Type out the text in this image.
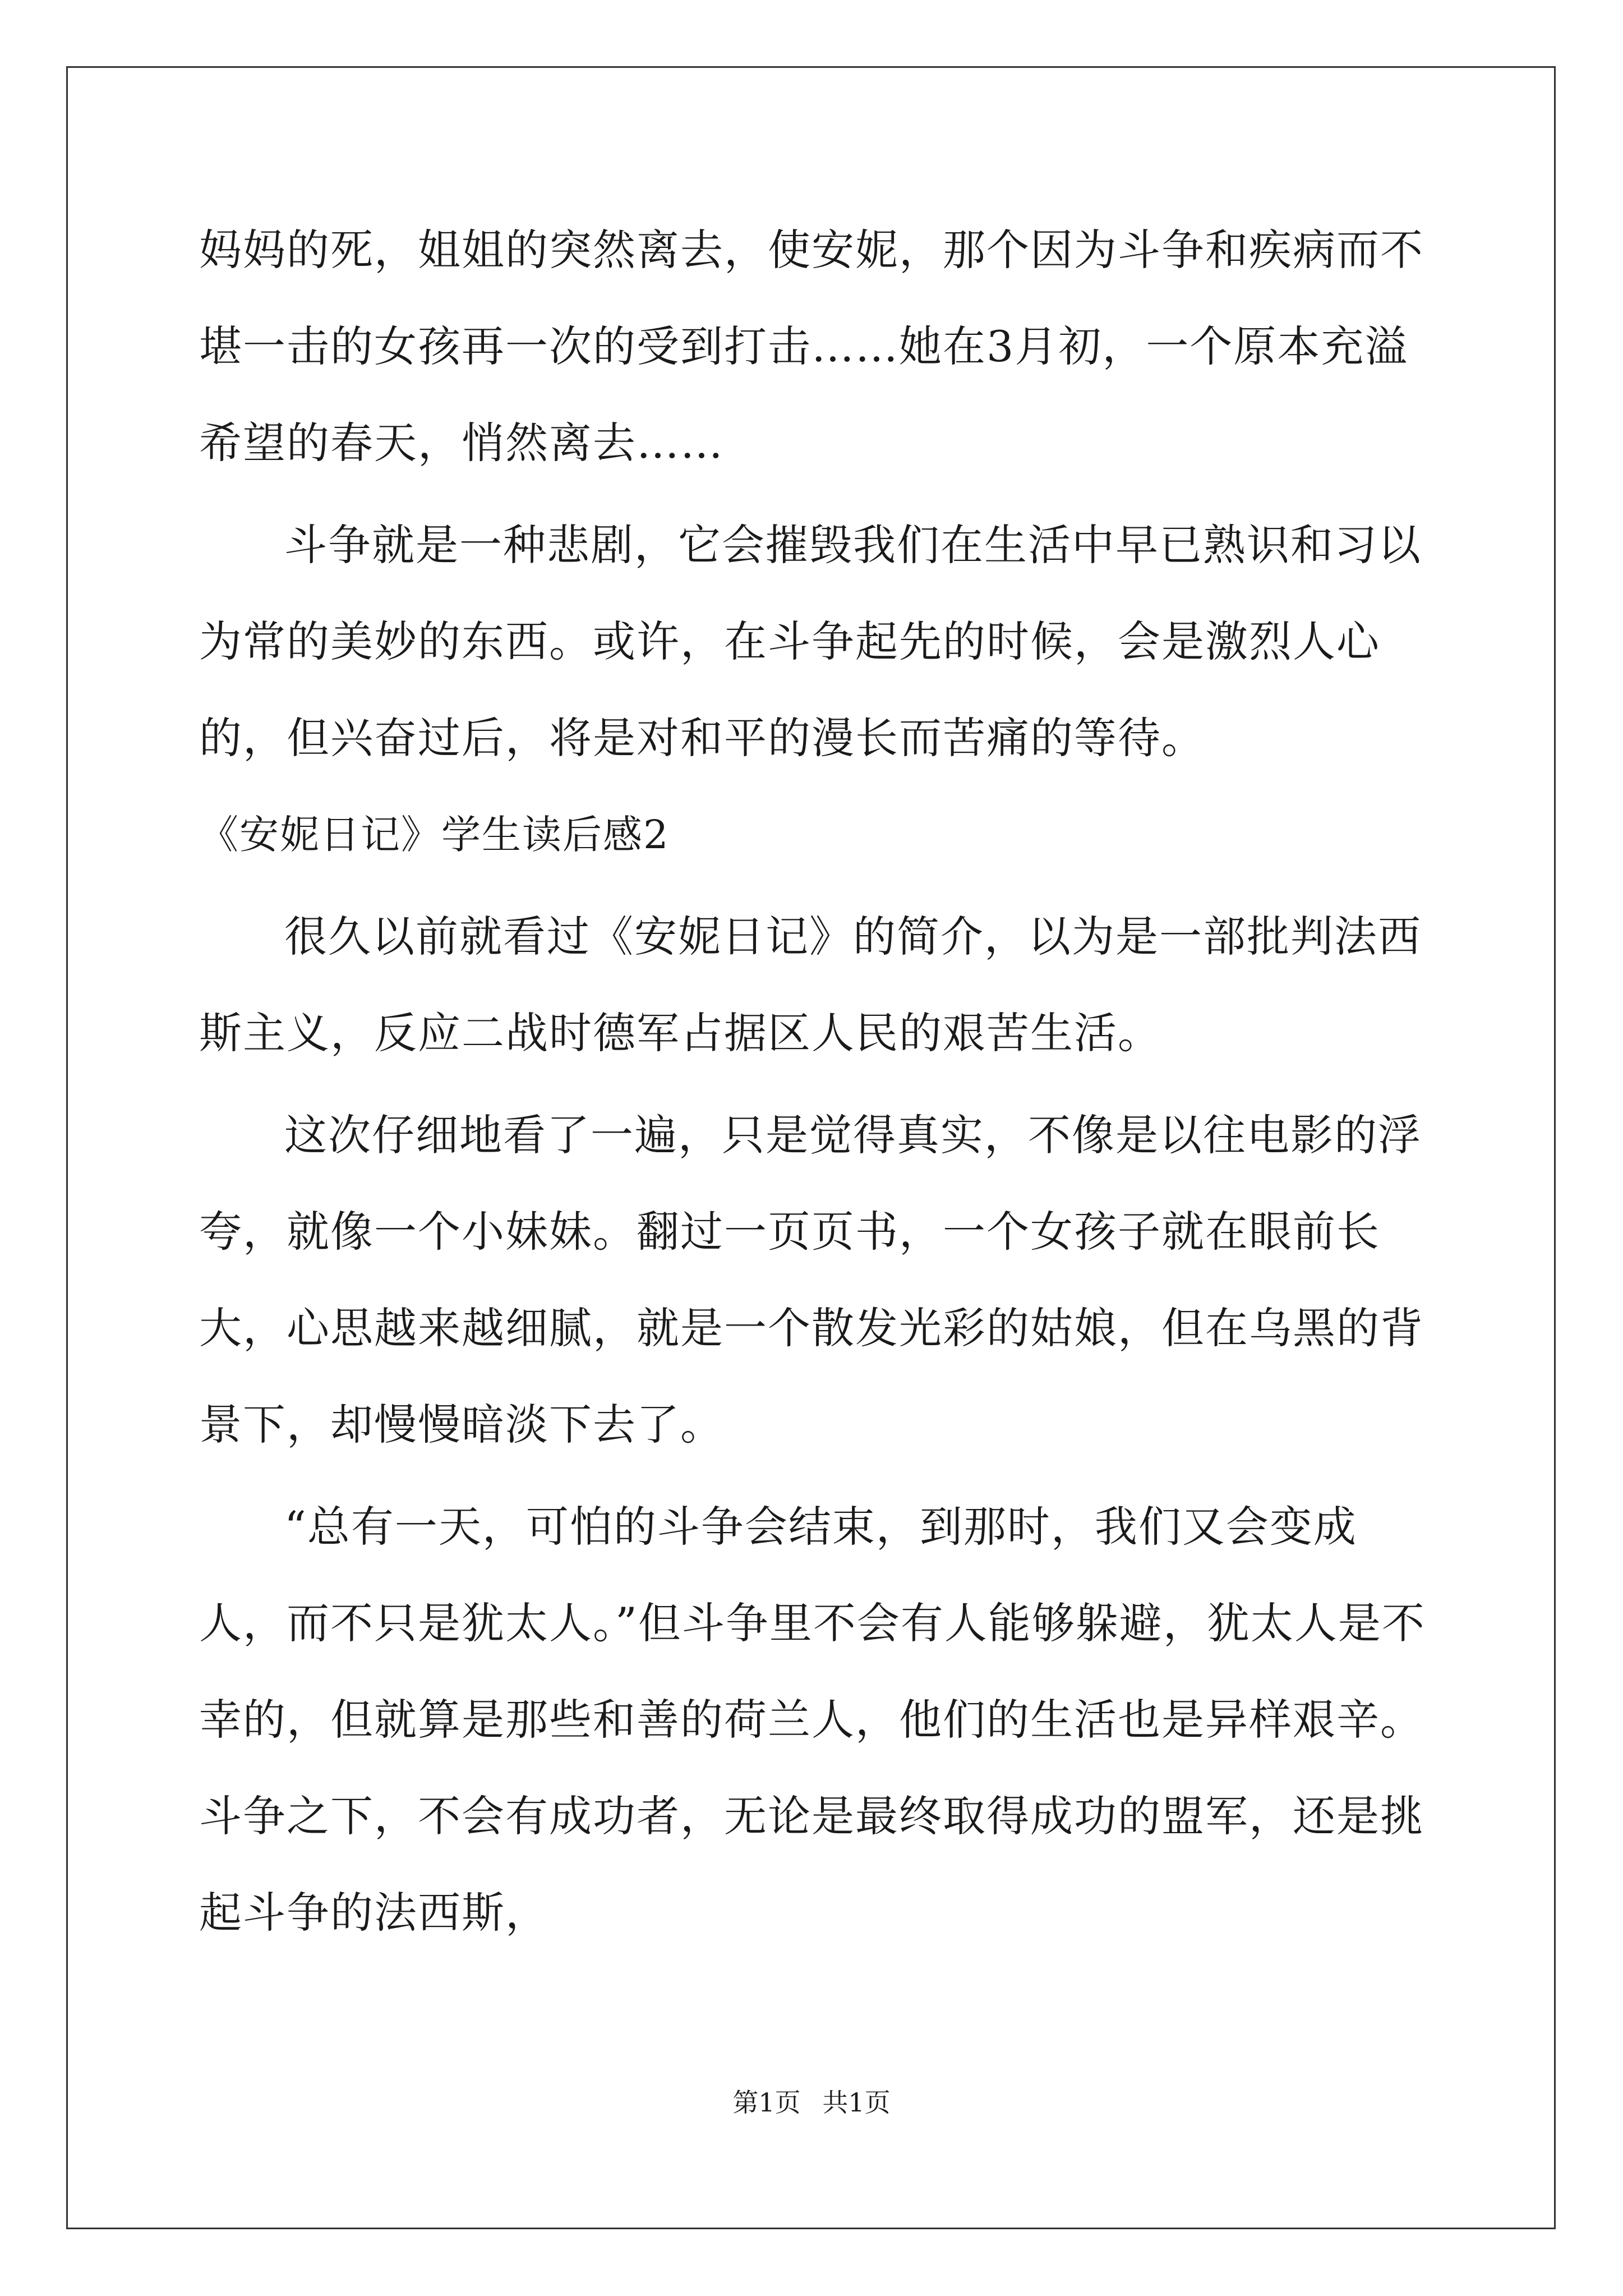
妈妈的死，姐姐的突然离去，使安妮，那个因为斗争和疾病而不堪一击的女孩再一次的受到打击……她在3月初，一个原本充溢希望的春天，悄然离去……

斗争就是一种悲剧，它会摧毁我们在生活中早已熟识和习以为常的美妙的东西。或许，在斗争起先的时候，会是激烈人心的，但兴奋过后，将是对和平的漫长而苦痛的等待。

《安妮日记》学生读后感2

很久以前就看过《安妮日记》的简介，以为是一部批判法西斯主义，反应二战时德军占据区人民的艰苦生活。

这次仔细地看了一遍，只是觉得真实，不像是以往电影的浮夸，就像一个小妹妹。翻过一页页书，一个女孩子就在眼前长大，心思越来越细腻，就是一个散发光彩的姑娘，但在乌黑的背景下，却慢慢暗淡下去了。

“总有一天，可怕的斗争会结束，到那时，我们又会变成人，而不只是犹太人。”但斗争里不会有人能够躲避，犹太人是不幸的，但就算是那些和善的荷兰人，他们的生活也是异样艰辛。斗争之下，不会有成功者，无论是最终取得成功的盟军，还是挑起斗争的法西斯，

第1页 共1页
